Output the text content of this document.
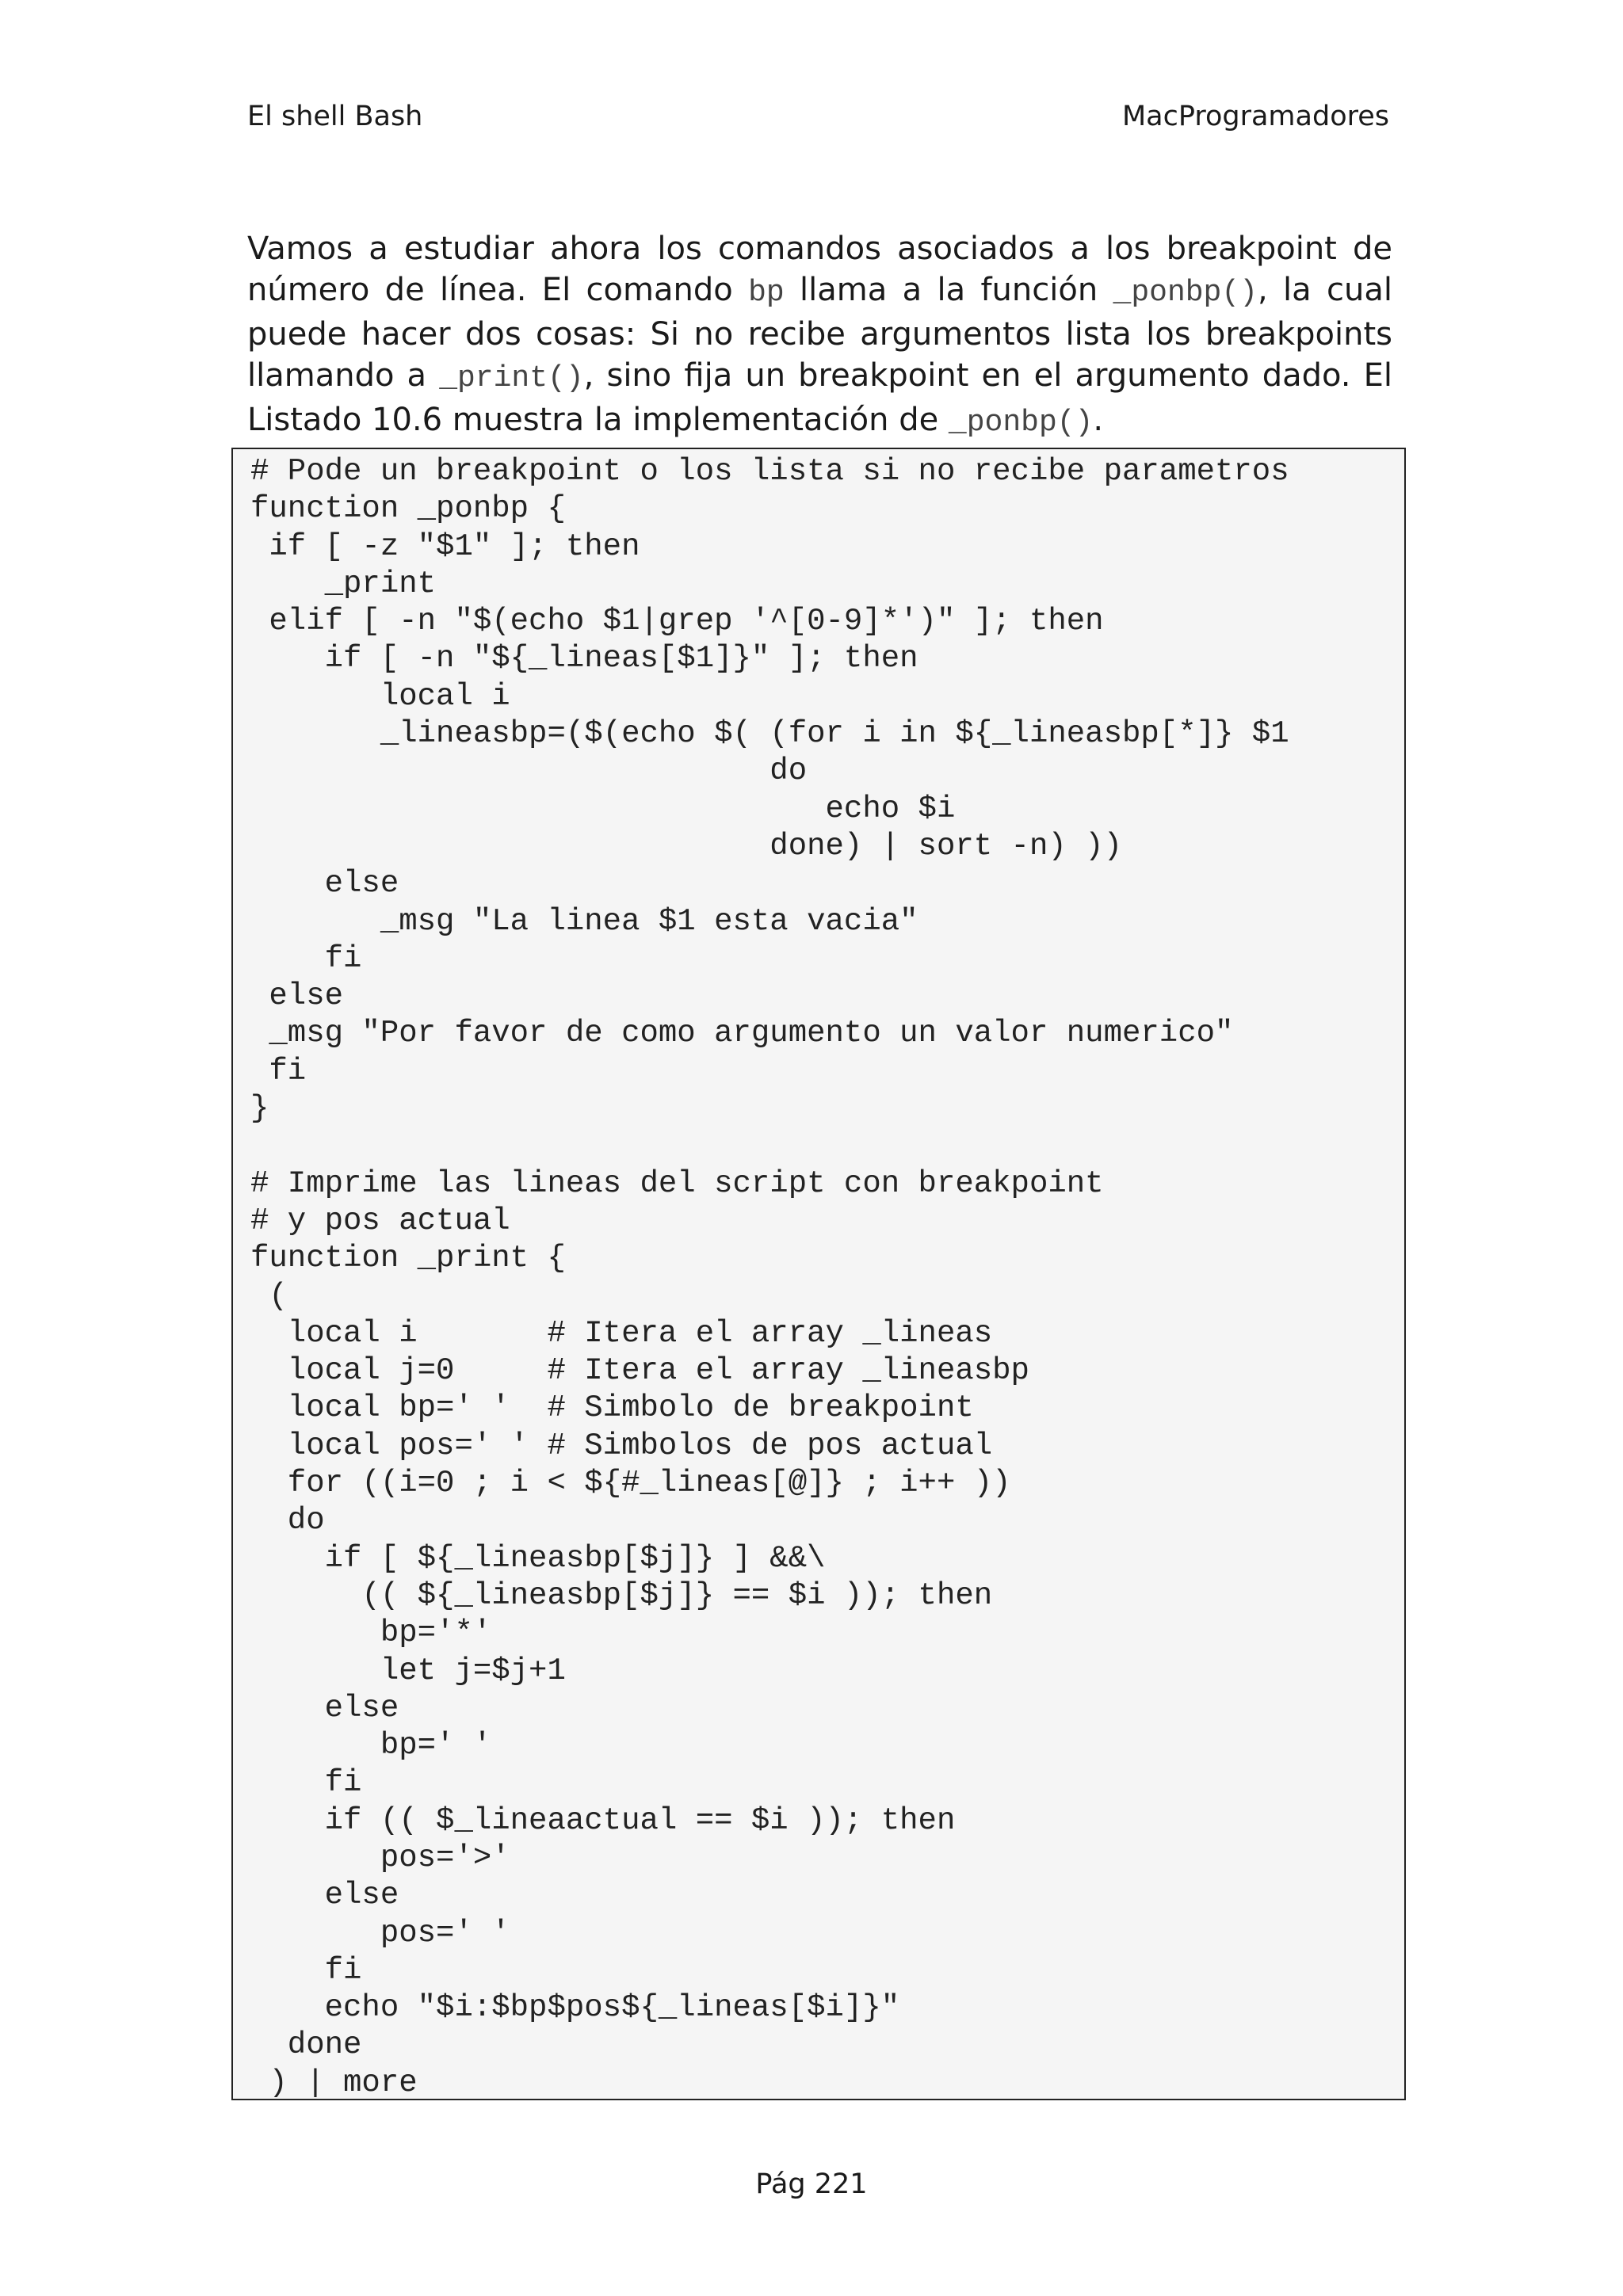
El shell Bash	MacProgramadores

Vamos a estudiar ahora los comandos asociados a los breakpoint de número de línea. El comando bp llama a la función _ponbp(), la cual puede hacer dos cosas: Si no recibe argumentos lista los breakpoints llamando a _print(), sino fija un breakpoint en el argumento dado. El Listado 10.6 muestra la implementación de _ponbp().

# Pode un breakpoint o los lista si no recibe parametros
function _ponbp {
if [ -z "$1" ]; then
_print
elif [ -n "$(echo $1|grep '^[0-9]*')" ]; then
if [ -n "${_lineas[$1]}" ]; then
local i
_lineasbp=($(echo $( (for i in ${_lineasbp[*]} $1
do
echo $i
done) | sort -n) ))
else
_msg "La linea $1 esta vacia"
fi
else
_msg "Por favor de como argumento un valor numerico"
fi
}

# Imprime las lineas del script con breakpoint
# y pos actual
function _print {
(
local i       # Itera el array _lineas
local j=0     # Itera el array _lineasbp
local bp=' '  # Simbolo de breakpoint
local pos=' ' # Simbolos de pos actual
for ((i=0 ; i < ${#_lineas[@]} ; i++ ))
do
if [ ${_lineasbp[$j]} ] &&\
(( ${_lineasbp[$j]} == $i )); then
bp='*'
let j=$j+1
else
bp=' '
fi
if (( $_lineaactual == $i )); then
pos='>'
else
pos=' '
fi
echo "$i:$bp$pos${_lineas[$i]}"
done
) | more
Pág 221
